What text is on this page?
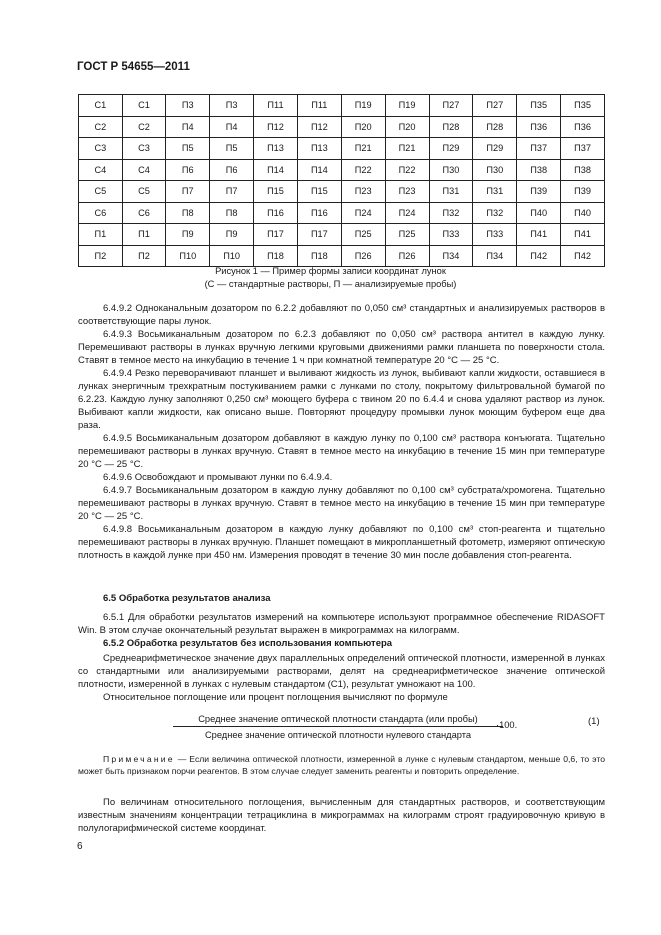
ГОСТ Р 54655—2011
С1	С1	П3	П3	П11	П11	П19	П19	П27	П27	П35	П35
С2	С2	П4	П4	П12	П12	П20	П20	П28	П28	П36	П36
С3	С3	П5	П5	П13	П13	П21	П21	П29	П29	П37	П37
С4	С4	П6	П6	П14	П14	П22	П22	П30	П30	П38	П38
С5	С5	П7	П7	П15	П15	П23	П23	П31	П31	П39	П39
С6	С6	П8	П8	П16	П16	П24	П24	П32	П32	П40	П40
П1	П1	П9	П9	П17	П17	П25	П25	П33	П33	П41	П41
П2	П2	П10	П10	П18	П18	П26	П26	П34	П34	П42	П42
Рисунок 1 — Пример формы записи координат лунок
(С — стандартные растворы, П — анализируемые пробы)

6.4.9.2 Одноканальным дозатором по 6.2.2 добавляют по 0,050 см³ стандартных и анализируемых растворов в соответствующие пары лунок.

6.4.9.3 Восьмиканальным дозатором по 6.2.3 добавляют по 0,050 см³ раствора антител в каждую лунку. Перемешивают растворы в лунках вручную легкими круговыми движениями рамки планшета по поверхности стола. Ставят в темное место на инкубацию в течение 1 ч при комнатной температуре 20 °С — 25 °С.

6.4.9.4 Резко переворачивают планшет и выливают жидкость из лунок, выбивают капли жидкости, оставшиеся в лунках энергичным трехкратным постукиванием рамки с лунками по столу, покрытому фильтровальной бумагой по 6.2.23. Каждую лунку заполняют 0,250 см³ моющего буфера с твином 20 по 6.4.4 и снова удаляют раствор из лунок. Выбивают капли жидкости, как описано выше. Повторяют процедуру промывки лунок моющим буфером еще два раза.

6.4.9.5 Восьмиканальным дозатором добавляют в каждую лунку по 0,100 см³ раствора конъюгата. Тщательно перемешивают растворы в лунках вручную. Ставят в темное место на инкубацию в течение 15 мин при температуре 20 °С — 25 °С.

6.4.9.6 Освобождают и промывают лунки по 6.4.9.4.

6.4.9.7 Восьмиканальным дозатором в каждую лунку добавляют по 0,100 см³ субстрата/хромогена. Тщательно перемешивают растворы в лунках вручную. Ставят в темное место на инкубацию в течение 15 мин при температуре 20 °С — 25 °С.

6.4.9.8 Восьмиканальным дозатором в каждую лунку добавляют по 0,100 см³ стоп-реагента и тщательно перемешивают растворы в лунках вручную. Планшет помещают в микропланшетный фотометр, измеряют оптическую плотность в каждой лунке при 450 нм. Измерения проводят в течение 30 мин после добавления стоп-реагента.

6.5 Обработка результатов анализа

6.5.1 Для обработки результатов измерений на компьютере используют программное обеспечение RIDASOFT Win. В этом случае окончательный результат выражен в микрограммах на килограмм.

6.5.2 Обработка результатов без использования компьютера

Среднеарифметическое значение двух параллельных определений оптической плотности, измеренной в лунках со стандартными или анализируемыми растворами, делят на среднеарифметическое значение оптической плотности, измеренной в лунках с нулевым стандартом (С1), результат умножают на 100.

Относительное поглощение или процент поглощения вычисляют по формуле

Среднее значение оптической плотности стандарта (или пробы)
Среднее значение оптической плотности нулевого стандарта
·100.	(1)
Примечание — Если величина оптической плотности, измеренной в лунке с нулевым стандартом, меньше 0,6, то это может быть признаком порчи реагентов. В этом случае следует заменить реагенты и повторить определение.

По величинам относительного поглощения, вычисленным для стандартных растворов, и соответствующим известным значениям концентрации тетрациклина в микрограммах на килограмм строят градуировочную кривую в полулогарифмической системе координат.

6
